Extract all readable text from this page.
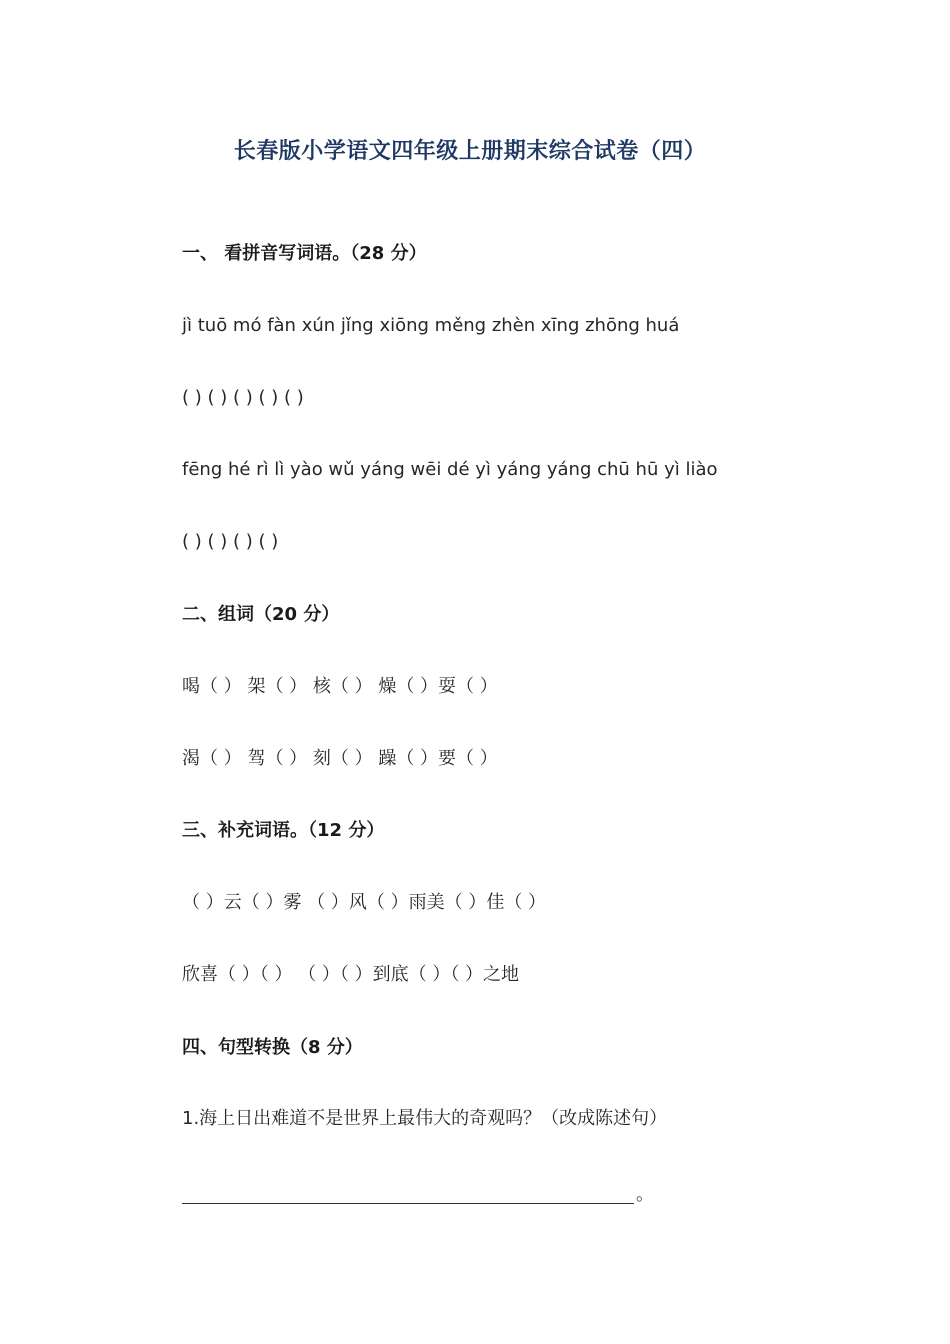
长春版小学语文四年级上册期末综合试卷（四）
一、 看拼音写词语。（28 分）
jì tuō mó fàn xún jǐng xiōng měng zhèn xīng zhōng huá
( ) ( ) ( ) ( ) ( )
fēng hé rì lì yào wǔ yáng wēi dé yì yáng yáng chū hū yì liào
( ) ( ) ( ) ( )
二、组词（20 分）
喝（ ） 架（ ） 核（ ） 燥（ ）耍（ ）
渴（ ） 驾（ ） 刻（ ） 躁（ ）要（ ）
三、补充词语。（12 分）
（ ）云（ ）雾 （ ）风（ ）雨美（ ）佳（ ）
欣喜（ ）（ ） （ ）（ ）到底（ ）（ ）之地
四、句型转换（8 分）
1.海上日出难道不是世界上最伟大的奇观吗？（改成陈述句）
。
